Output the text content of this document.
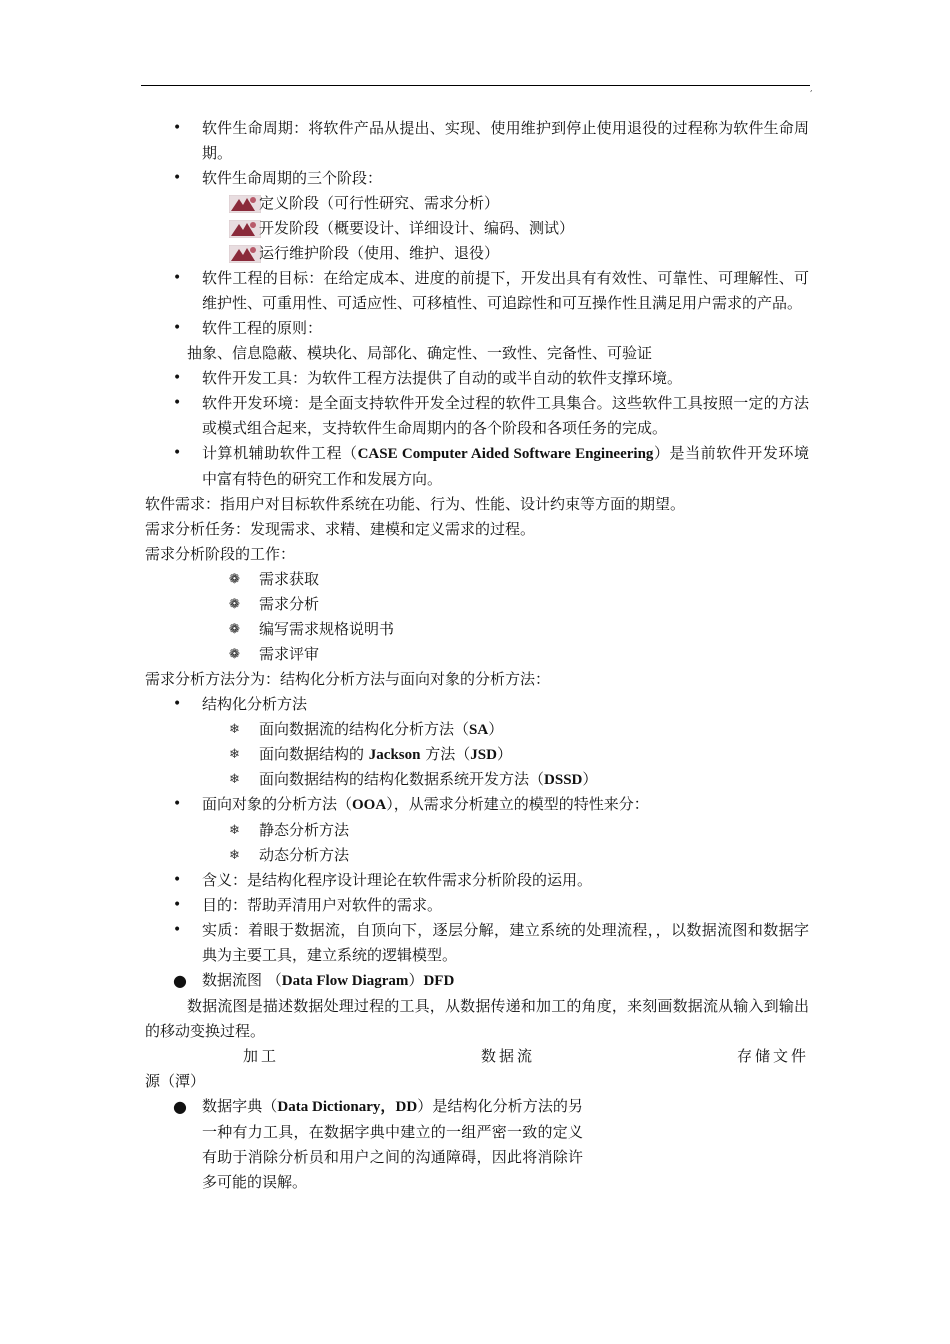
,
•	软件生命周期：将软件产品从提出、实现、使用维护到停止使用退役的过程称为软件生命周期。
•	软件生命周期的三个阶段：
定义阶段（可行性研究、需求分析）
开发阶段（概要设计、详细设计、编码、测试）
运行维护阶段（使用、维护、退役）
•	软件工程的目标：在给定成本、进度的前提下，开发出具有有效性、可靠性、可理解性、可维护性、可重用性、可适应性、可移植性、可追踪性和可互操作性且满足用户需求的产品。
•	软件工程的原则：
抽象、信息隐蔽、模块化、局部化、确定性、一致性、完备性、可验证
•	软件开发工具：为软件工程方法提供了自动的或半自动的软件支撑环境。
•	软件开发环境：是全面支持软件开发全过程的软件工具集合。这些软件工具按照一定的方法或模式组合起来，支持软件生命周期内的各个阶段和各项任务的完成。
•	计算机辅助软件工程（CASE Computer Aided Software Engineering）是当前软件开发环境中富有特色的研究工作和发展方向。
软件需求：指用户对目标软件系统在功能、行为、性能、设计约束等方面的期望。
需求分析任务：发现需求、求精、建模和定义需求的过程。
需求分析阶段的工作：
❁	需求获取
❁	需求分析
❁	编写需求规格说明书
❁	需求评审
需求分析方法分为：结构化分析方法与面向对象的分析方法：
•	结构化分析方法
❄	面向数据流的结构化分析方法（SA）
❄	面向数据结构的 Jackson 方法（JSD）
❄	面向数据结构的结构化数据系统开发方法（DSSD）
•	面向对象的分析方法（OOA），从需求分析建立的模型的特性来分：
❄	静态分析方法
❄	动态分析方法
•	含义：是结构化程序设计理论在软件需求分析阶段的运用。
•	目的：帮助弄清用户对软件的需求。
•	实质：着眼于数据流，自顶向下，逐层分解，建立系统的处理流程，，以数据流图和数据字典为主要工具，建立系统的逻辑模型。
●	数据流图 （Data Flow Diagram）DFD
数据流图是描述数据处理过程的工具，从数据传递和加工的角度，来刻画数据流从输入到输出的移动变换过程。
加工	数据流	存储文件
源（潭）
●	数据字典（Data Dictionary，DD）是结构化分析方法的另一种有力工具，在数据字典中建立的一组严密一致的定义有助于消除分析员和用户之间的沟通障碍，因此将消除许多可能的误解。
